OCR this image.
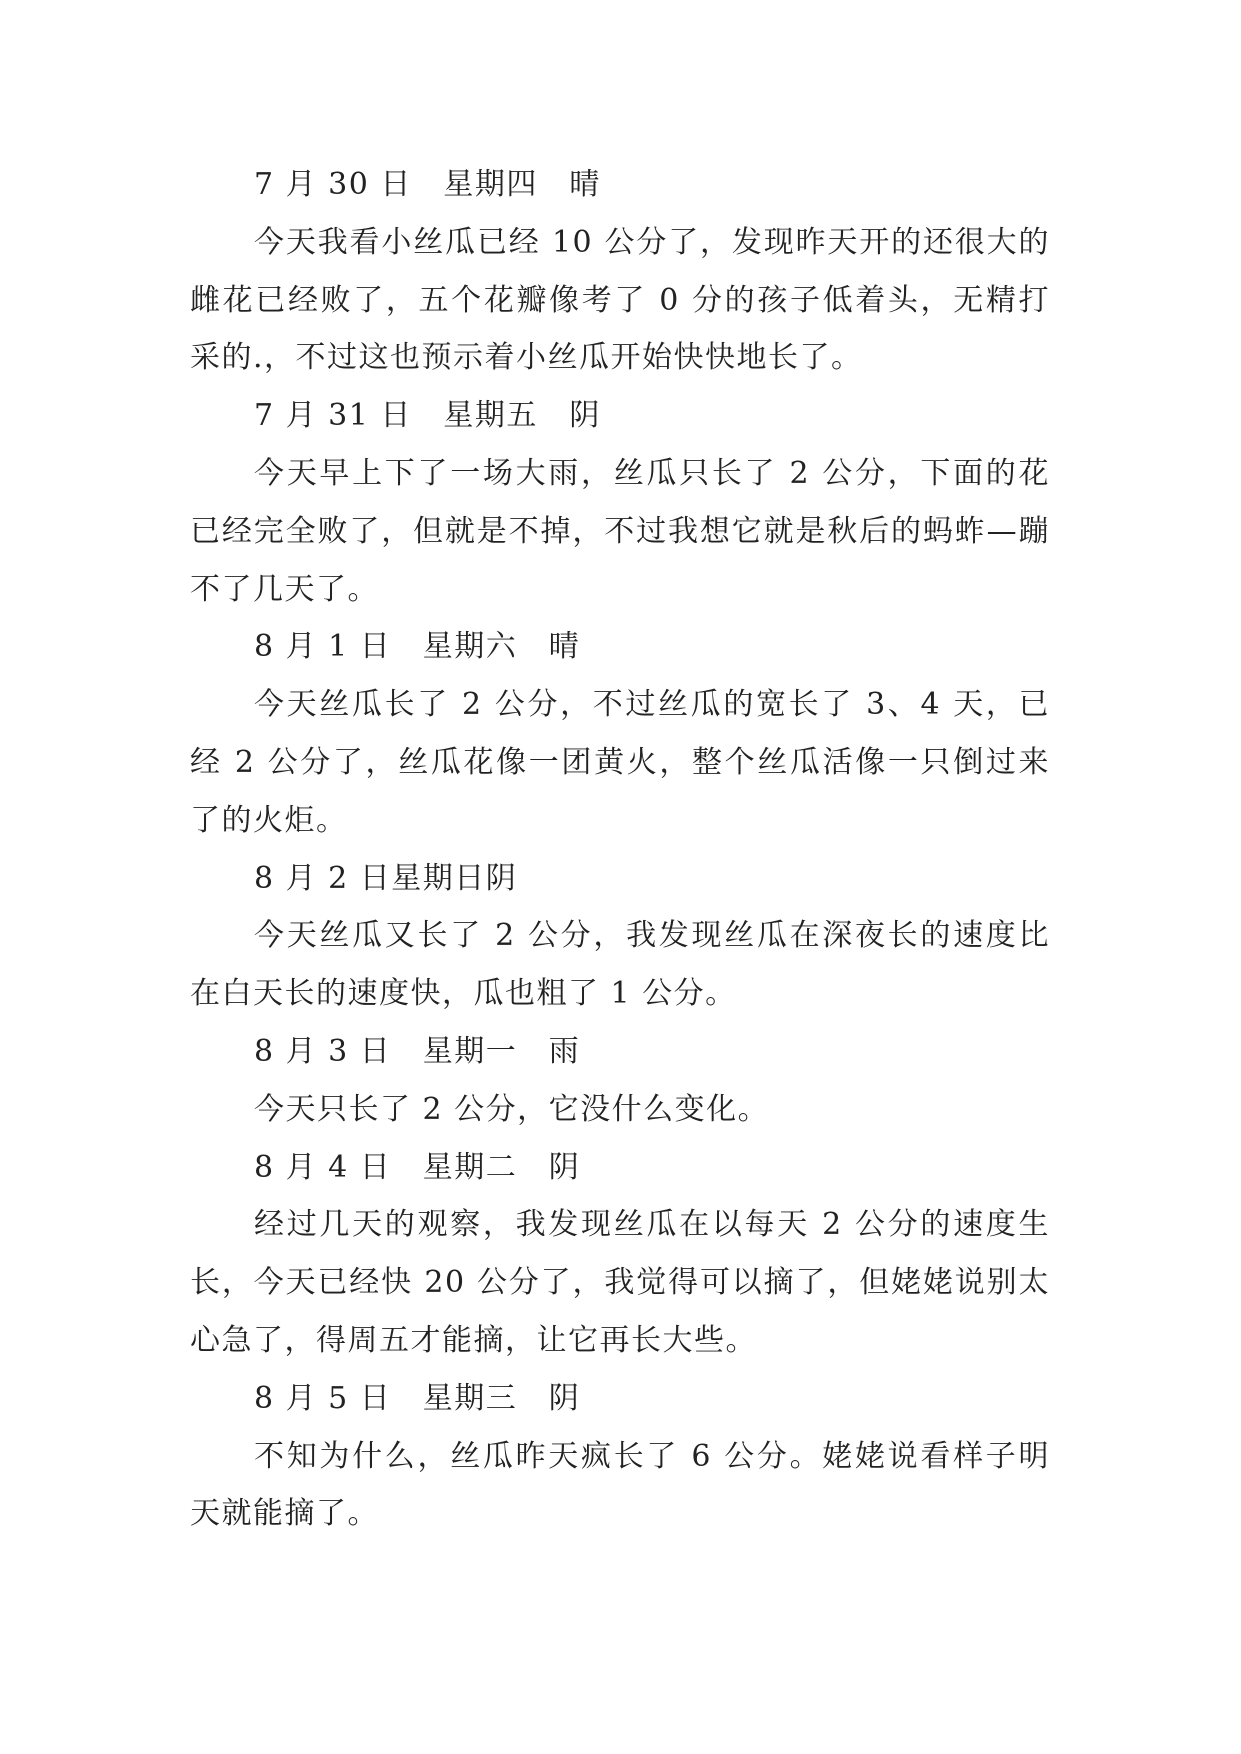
7 月 30 日　星期四　晴

今天我看小丝瓜已经 10 公分了，发现昨天开的还很大的雌花已经败了，五个花瓣像考了 0 分的孩子低着头，无精打采的.，不过这也预示着小丝瓜开始快快地长了。

7 月 31 日　星期五　阴

今天早上下了一场大雨，丝瓜只长了 2 公分，下面的花已经完全败了，但就是不掉，不过我想它就是秋后的蚂蚱—蹦不了几天了。

8 月 1 日　星期六　晴

今天丝瓜长了 2 公分，不过丝瓜的宽长了 3、4 天，已经 2 公分了，丝瓜花像一团黄火，整个丝瓜活像一只倒过来了的火炬。

8 月 2 日星期日阴

今天丝瓜又长了 2 公分，我发现丝瓜在深夜长的速度比在白天长的速度快，瓜也粗了 1 公分。

8 月 3 日　星期一　雨

今天只长了 2 公分，它没什么变化。

8 月 4 日　星期二　阴

经过几天的观察，我发现丝瓜在以每天 2 公分的速度生长，今天已经快 20 公分了，我觉得可以摘了，但姥姥说别太心急了，得周五才能摘，让它再长大些。

8 月 5 日　星期三　阴

不知为什么，丝瓜昨天疯长了 6 公分。姥姥说看样子明天就能摘了。
